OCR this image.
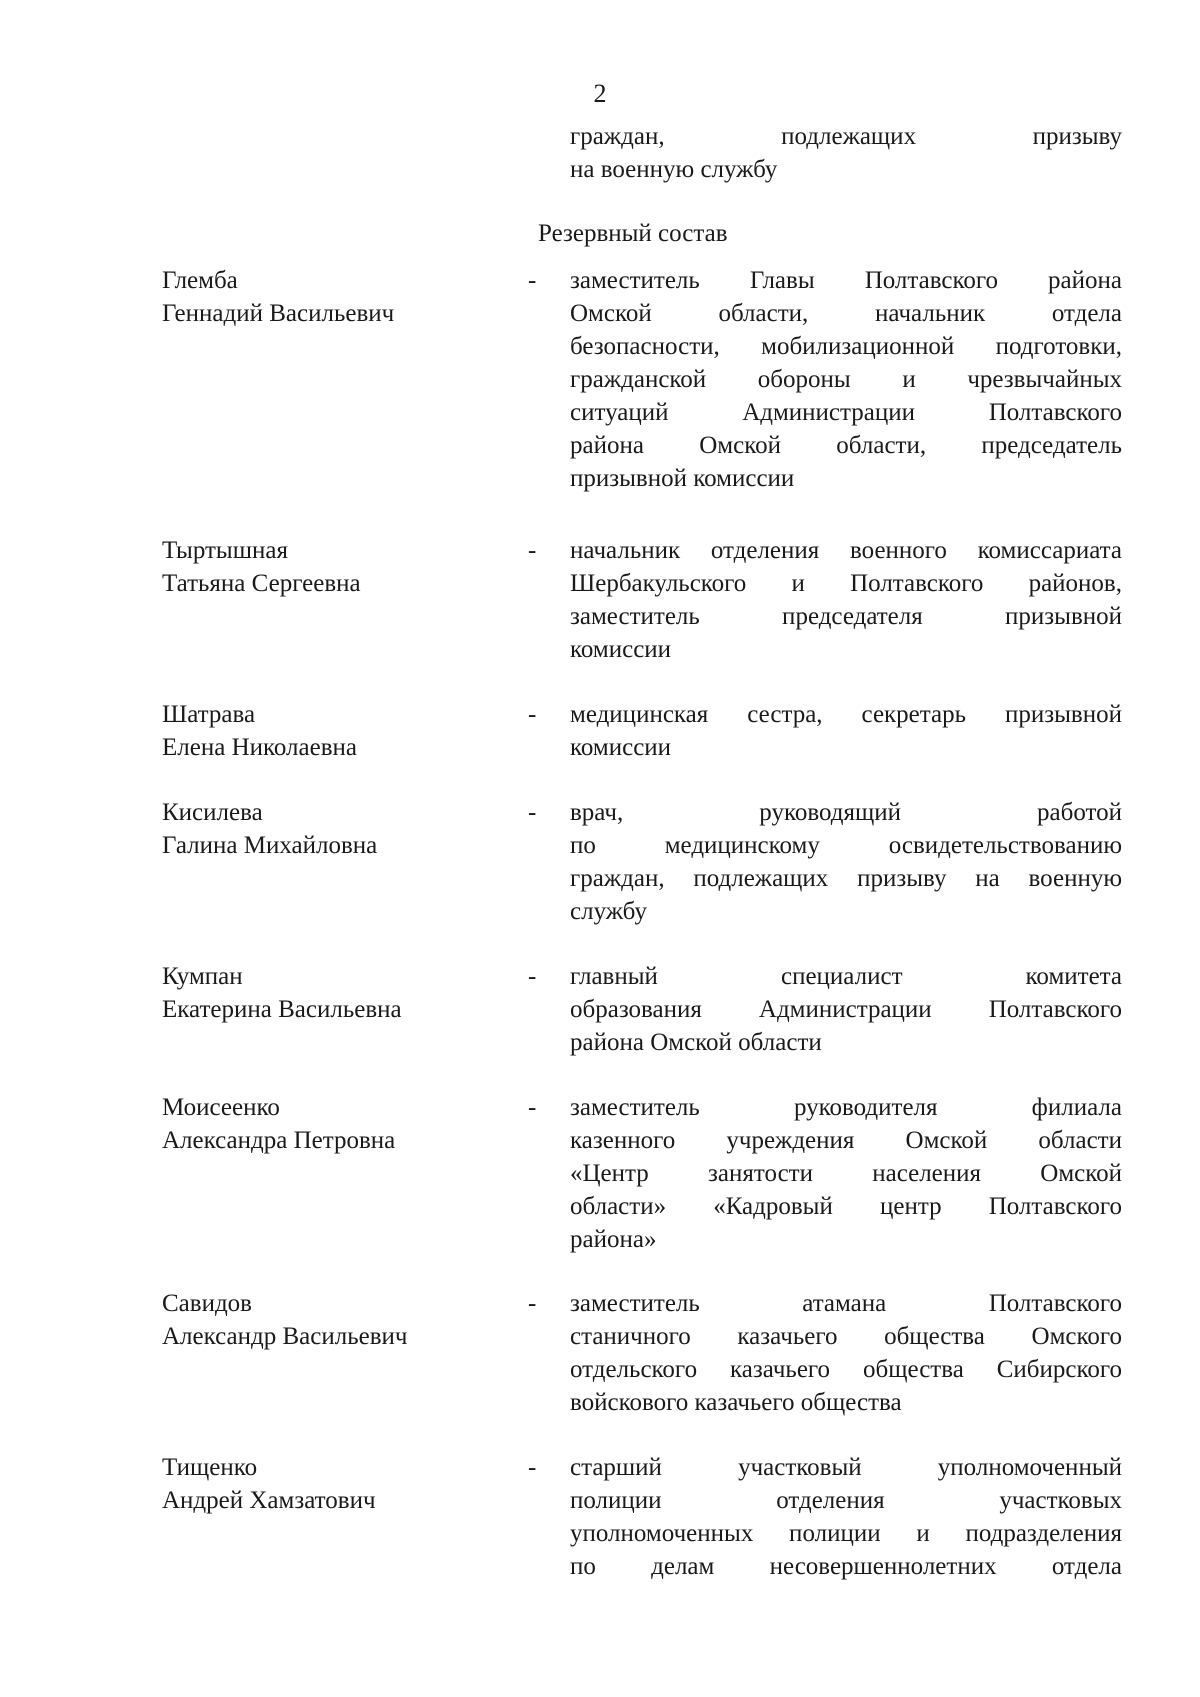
2
граждан, подлежащих призыву
на военную службу
Резервный состав
Глемба
Геннадий Васильевич
- заместитель Главы Полтавского района
Омской области, начальник отдела
безопасности, мобилизационной подготовки,
гражданской обороны и чрезвычайных
ситуаций Администрации Полтавского
района Омской области, председатель
призывной комиссии
Тыртышная
Татьяна Сергеевна
- начальник отделения военного комиссариата
Шербакульского и Полтавского районов,
заместитель председателя призывной
комиссии
Шатрава
Елена Николаевна
- медицинская сестра, секретарь призывной
комиссии
Кисилева
Галина Михайловна
- врач, руководящий работой
по медицинскому освидетельствованию
граждан, подлежащих призыву на военную
службу
Кумпан
Екатерина Васильевна
- главный специалист комитета
образования Администрации Полтавского
района Омской области
Моисеенко
Александра Петровна
- заместитель руководителя филиала
казенного учреждения Омской области
«Центр занятости населения Омской
области» «Кадровый центр Полтавского
района»
Савидов
Александр Васильевич
- заместитель атамана Полтавского
станичного казачьего общества Омского
отдельского казачьего общества Сибирского
войскового казачьего общества
Тищенко
Андрей Хамзатович
- старший участковый уполномоченный
полиции отделения участковых
уполномоченных полиции и подразделения
по делам несовершеннолетних отдела
